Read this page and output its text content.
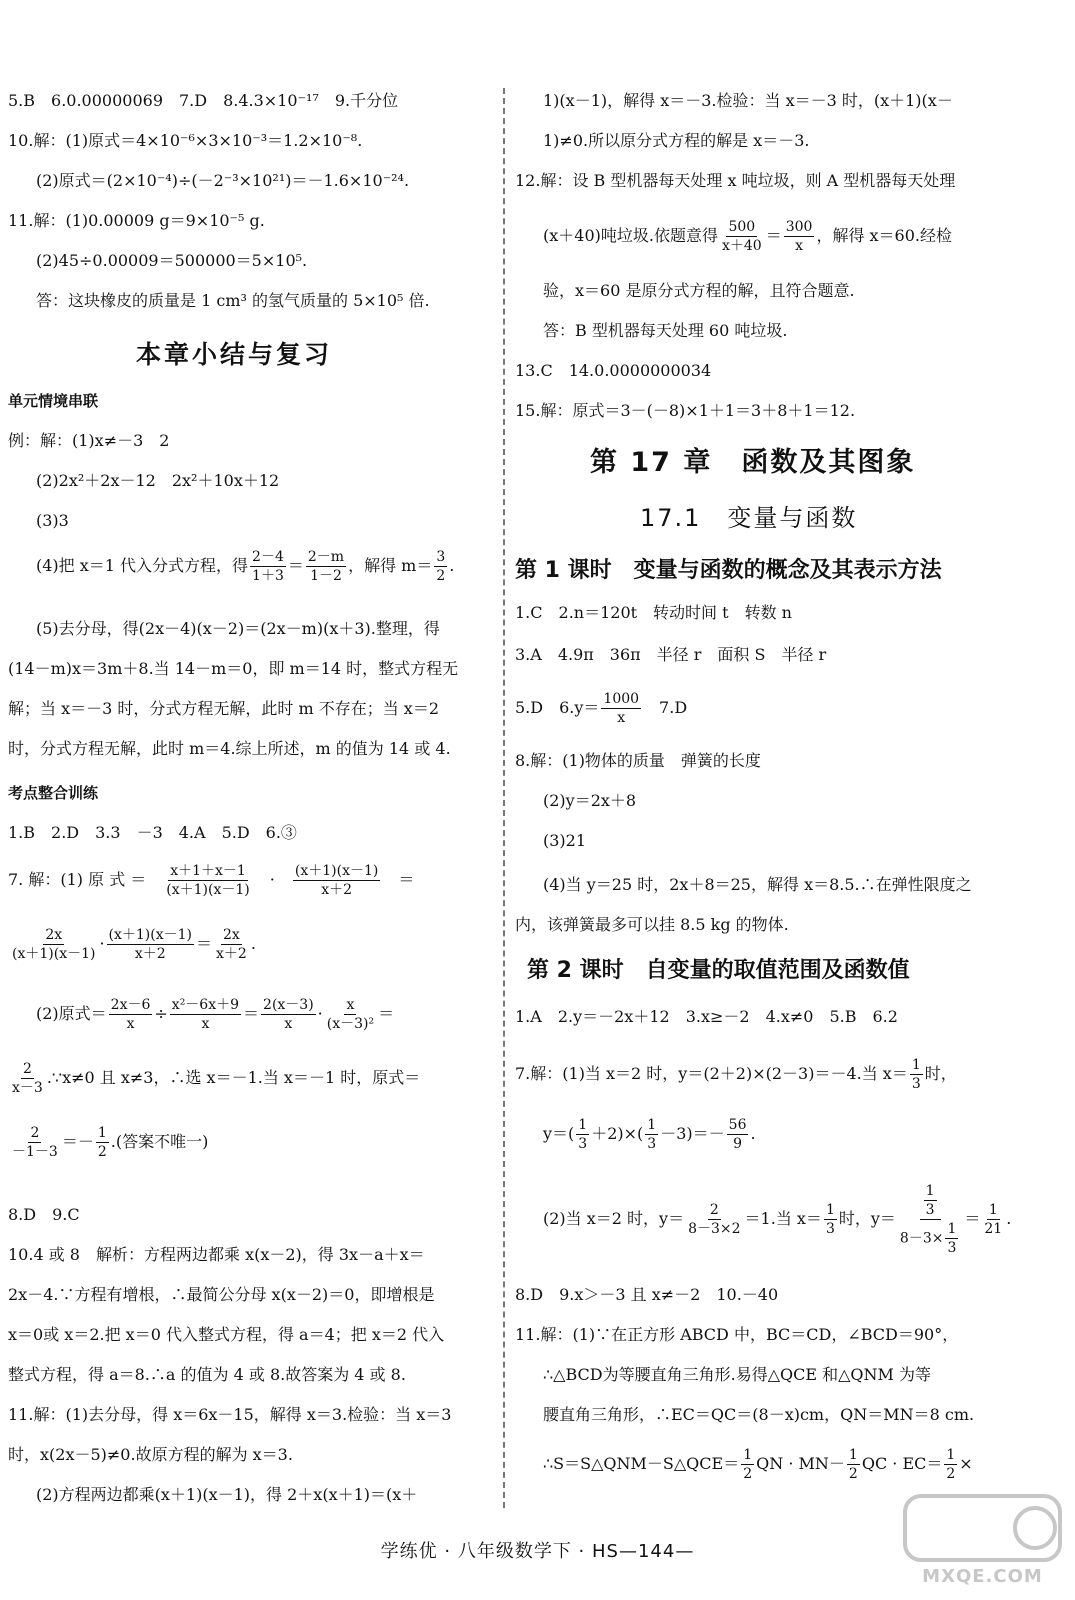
5.B　6.0.00000069　7.D　8.4.3×10⁻¹⁷　9.千分位
10.解：(1)原式＝4×10⁻⁶×3×10⁻³＝1.2×10⁻⁸.
(2)原式＝(2×10⁻⁴)÷(－2⁻³×10²¹)＝－1.6×10⁻²⁴.
11.解：(1)0.00009 g＝9×10⁻⁵ g.
(2)45÷0.00009＝500000＝5×10⁵.
答：这块橡皮的质量是 1 cm³ 的氢气质量的 5×10⁵ 倍.
本章小结与复习
单元情境串联
例：解：(1)x≠－3　2
(2)2x²＋2x－12　2x²＋10x＋12
(3)3
(4)把 x＝1 代入分式方程，得 $\frac{2-4}{1+3} = \frac{2-m}{1-2}$ ，解得 $m= \frac{3}{2}$ .
(5)去分母，得(2x－4)(x－2)＝(2x－m)(x＋3).整理，得
(14－m)x＝3m＋8.当 14－m＝0，即 m＝14 时，整式方程无
解；当 x＝－3 时，分式方程无解，此时 m 不存在；当 x＝2
时，分式方程无解，此时 m＝4.综上所述，m 的值为 14 或 4.
考点整合训练
1.B　2.D　3.3　－3　4.A　5.D　6.③
7. 解：(1) 原 式 ＝　 $\frac{x+1+x-1}{(x+1)(x-1)}$
　 ·　 $\frac{(x+1)(x-1)}{x+2}$
　 ＝
$\frac{2x}{(x+1)(x-1)} \cdot \frac{(x+1)(x-1)}{x+2} = \frac{2x}{x+2}$ .
(2)原式＝ $\frac{2x-6}{x} \div \frac{\text{x²－6x＋9}}{x} = \frac{2(x-3)}{x} \cdot \frac{x}{\text{(x－3)²}}$ ＝
$\frac{2}{x-3}$ .∵x≠0 且 x≠3，∴选 x＝－1.当 x＝－1 时，原式＝
$\frac{2}{-1-3} =- \frac{1}{2}$ .(答案不唯一)
8.D　9.C
10.4 或 8　解析：方程两边都乘 x(x－2)，得 3x－a＋x＝
2x－4.∵方程有增根，∴最简公分母 x(x－2)＝0，即增根是
x＝0或 x＝2.把 x＝0 代入整式方程，得 a＝4；把 x＝2 代入
整式方程，得 a＝8.∴a 的值为 4 或 8.故答案为 4 或 8.
11.解：(1)去分母，得 x＝6x－15，解得 x＝3.检验：当 x＝3
时，x(2x－5)≠0.故原方程的解为 x＝3.
(2)方程两边都乘(x＋1)(x－1)，得 2＋x(x＋1)＝(x＋
1)(x－1)，解得 x＝－3.检验：当 x＝－3 时，(x＋1)(x－
1)≠0.所以原分式方程的解是 x＝－3.
12.解：设 B 型机器每天处理 x 吨垃圾，则 A 型机器每天处理
(x＋40)吨垃圾.依题意得 $\frac{500}{x+40} = \frac{300}{x}$ ，解得 x＝60.经检
验，x＝60 是原分式方程的解，且符合题意.
答：B 型机器每天处理 60 吨垃圾.
13.C　14.0.0000000034
15.解：原式＝3－(－8)×1＋1＝3＋8＋1＝12.
第 17 章　函数及其图象
17.1　变量与函数
第 1 课时　变量与函数的概念及其表示方法
1.C　2.n＝120t　转动时间 t　转数 n
3.A　4.9π　36π　半径 r　面积 S　半径 r
5.D　$6.y= \frac{1000}{x}$ 　7.D
8.解：(1)物体的质量　弹簧的长度
(2)y＝2x＋8
(3)21
(4)当 y＝25 时，2x＋8＝25，解得 x＝8.5.∴在弹性限度之
内，该弹簧最多可以挂 8.5 kg 的物体.
第 2 课时　自变量的取值范围及函数值
1.A　2.y＝－2x＋12　3.x≥－2　4.x≠0　5.B　6.2
7.解：(1)当 x＝2 时，y＝(2＋2)×(2－3)＝－4.当 $x= \frac{1}{3}$ 时，
$y=( \frac{1}{3} +2)\times( \frac{1}{3} -3)=- \frac{56}{9}$ .
(2)当 x＝2 时，$y= \frac{2}{8-3\times 2} =1$.当 $x= \frac{1}{3}$ 时，$y= \frac{\frac{1}{3}}{8-3\times \frac{1}{3}} = \frac{1}{21}$ .
8.D　9.x＞－3 且 x≠－2　10.－40
11.解：(1)∵在正方形 ABCD 中，BC＝CD，∠BCD＝90°，
∴△BCD为等腰直角三角形.易得△QCE 和△QNM 为等
腰直角三角形，∴EC＝QC＝(8－x)cm，QN＝MN＝8 cm.
∴S＝S△QNM－S△QCE＝ $\frac{1}{2}$ QN · $MN- \frac{1}{2}$ QC · $EC= \frac{1}{2}$ ×
学练优 · 八年级数学下 · HS—144—
MXQE.COM
